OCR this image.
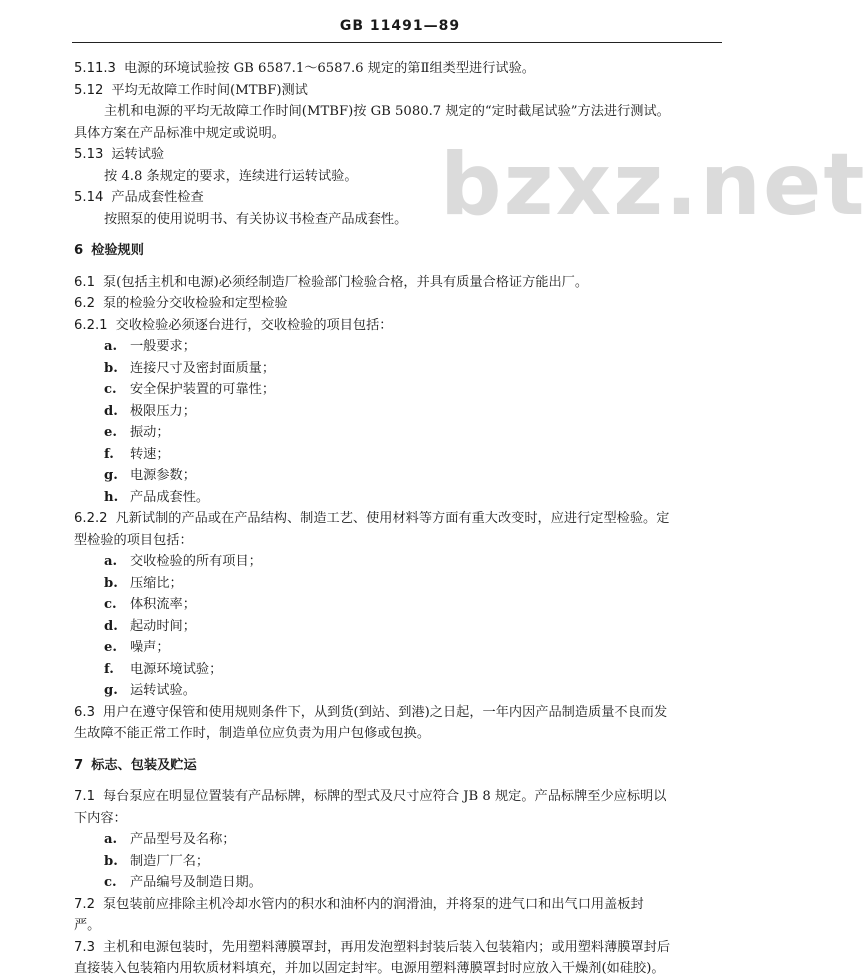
GB 11491—89
bzxz.net
5.11.3 电源的环境试验按 GB 6587.1～6587.6 规定的第Ⅱ组类型进行试验。
5.12 平均无故障工作时间(MTBF)测试
主机和电源的平均无故障工作时间(MTBF)按 GB 5080.7 规定的“定时截尾试验”方法进行测试。
具体方案在产品标准中规定或说明。
5.13 运转试验
按 4.8 条规定的要求，连续进行运转试验。
5.14 产品成套性检查
按照泵的使用说明书、有关协议书检查产品成套性。
6 检验规则
6.1 泵(包括主机和电源)必须经制造厂检验部门检验合格，并具有质量合格证方能出厂。
6.2 泵的检验分交收检验和定型检验
6.2.1 交收检验必须逐台进行，交收检验的项目包括：
a. 一般要求；
b. 连接尺寸及密封面质量；
c. 安全保护装置的可靠性；
d. 极限压力；
e. 振动；
f. 转速；
g. 电源参数；
h. 产品成套性。
6.2.2 凡新试制的产品或在产品结构、制造工艺、使用材料等方面有重大改变时，应进行定型检验。定
型检验的项目包括：
a. 交收检验的所有项目；
b. 压缩比；
c. 体积流率；
d. 起动时间；
e. 噪声；
f. 电源环境试验；
g. 运转试验。
6.3 用户在遵守保管和使用规则条件下，从到货(到站、到港)之日起，一年内因产品制造质量不良而发
生故障不能正常工作时，制造单位应负责为用户包修或包换。
7 标志、包装及贮运
7.1 每台泵应在明显位置装有产品标牌，标牌的型式及尺寸应符合 JB 8 规定。产品标牌至少应标明以
下内容：
a. 产品型号及名称；
b. 制造厂厂名；
c. 产品编号及制造日期。
7.2 泵包装前应排除主机冷却水管内的积水和油杯内的润滑油，并将泵的进气口和出气口用盖板封
严。
7.3 主机和电源包装时，先用塑料薄膜罩封，再用发泡塑料封装后装入包装箱内；或用塑料薄膜罩封后
直接装入包装箱内用软质材料填充，并加以固定封牢。电源用塑料薄膜罩封时应放入干燥剂(如硅胶)。
